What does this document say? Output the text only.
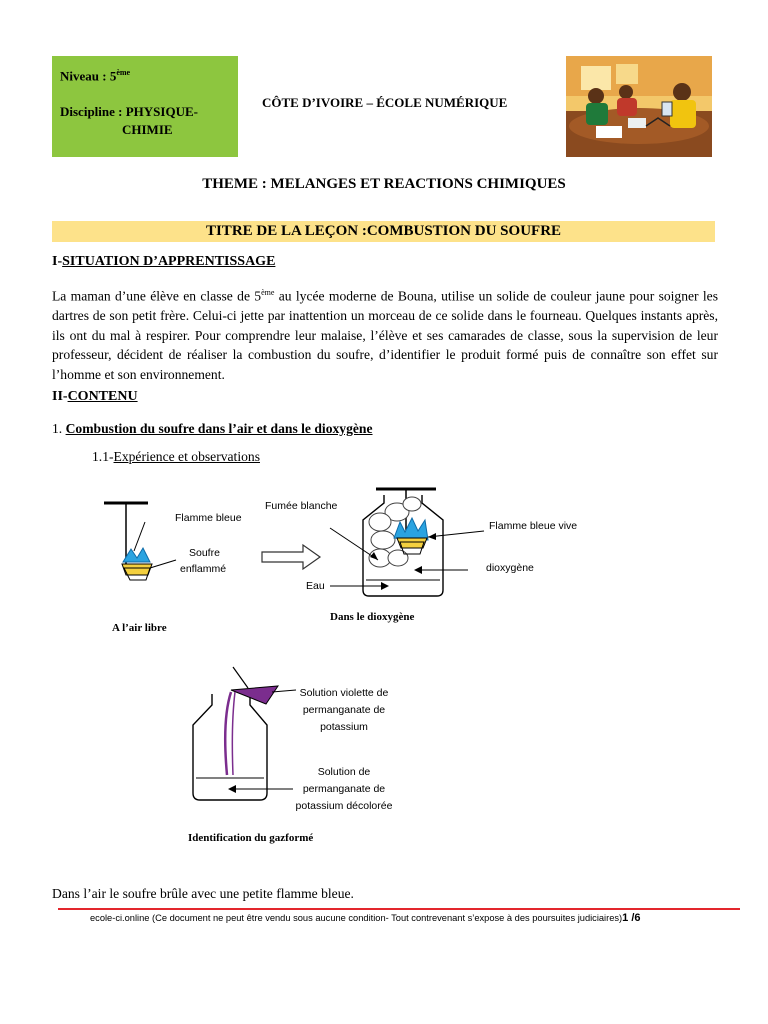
Niveau : 5ème
Discipline : PHYSIQUE-
CHIMIE
CÔTE D’IVOIRE – ÉCOLE NUMÉRIQUE
THEME : MELANGES ET REACTIONS CHIMIQUES
TITRE DE LA LEÇON :COMBUSTION DU SOUFRE
I-SITUATION D’APPRENTISSAGE
La maman d’une élève en classe de 5ème au lycée moderne de Bouna, utilise un solide de couleur jaune pour soigner les dartres de son petit frère. Celui-ci jette par inattention un morceau de ce solide dans le fourneau. Quelques instants après, ils ont du mal à respirer. Pour comprendre leur malaise, l’élève et ses camarades de classe, sous la supervision de leur professeur, décident de réaliser la combustion du soufre, d’identifier le produit formé puis de connaître son effet sur l’homme et son environnement.
II-CONTENU
1. Combustion du soufre dans l’air et dans le dioxygène
1.1-Expérience et observations
Flamme bleue
Soufre
enflammé
Fumée blanche
Flamme bleue vive
dioxygène
Eau
A l’air libre
Dans le dioxygène
Solution violette de
permanganate de
potassium
Solution de
permanganate de
potassium décolorée
Identification du gazformé
Dans l’air le soufre brûle avec une petite flamme bleue.
ecole-ci.online (Ce document ne peut être vendu sous aucune condition- Tout contrevenant s’expose à des poursuites judiciaires)1 /6
